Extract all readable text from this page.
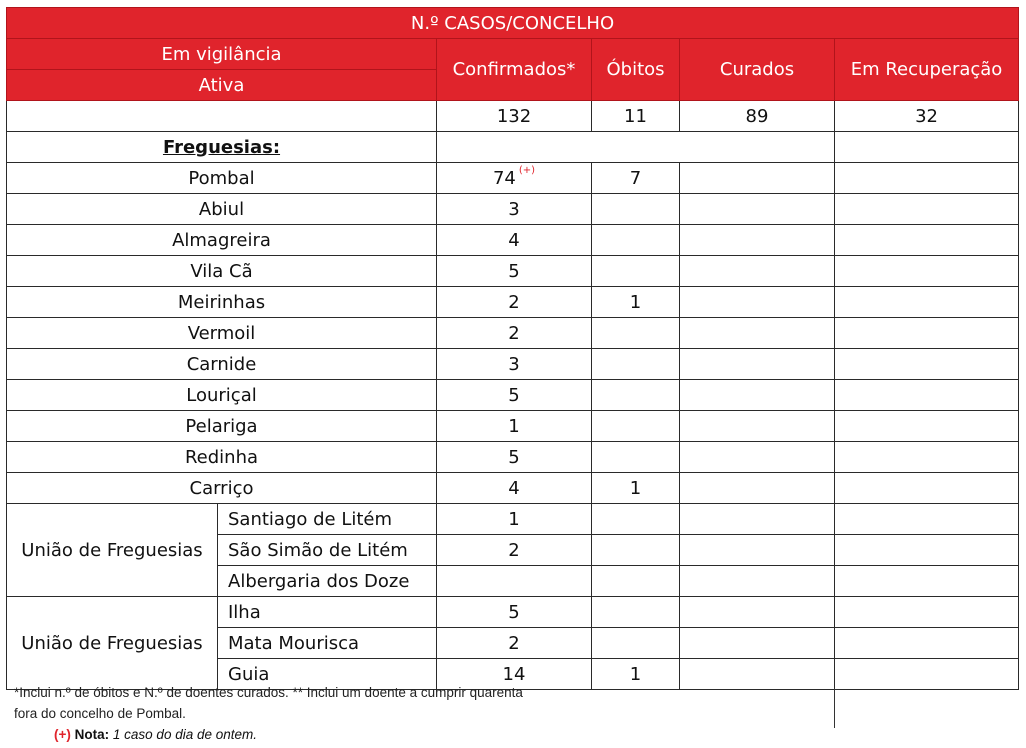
N.º CASOS/CONCELHO					
Em vigilância		Confirmados*	Óbitos	Curados	Em Recuperação
Ativa					
		132	11	89	32
Freguesias:					
Pombal		74 (+)	7		
Abiul		3			
Almagreira		4			
Vila Cã		5			
Meirinhas		2	1		
Vermoil		2			
Carnide		3			
Louriçal		5			
Pelariga		1			
Redinha		5			
Carriço		4	1		
União de Freguesias	Santiago de Litém	1			
	São Simão de Litém	2			
	Albergaria dos Doze				
União de Freguesias	Ilha	5			
	Mata Mourisca	2			
	Guia	14	1		
*Inclui n.º de óbitos e N.º de doentes curados. ** Inclui um doente a cumprir quarenta
fora do concelho de Pombal.
(+) Nota: 1 caso do dia de ontem.
